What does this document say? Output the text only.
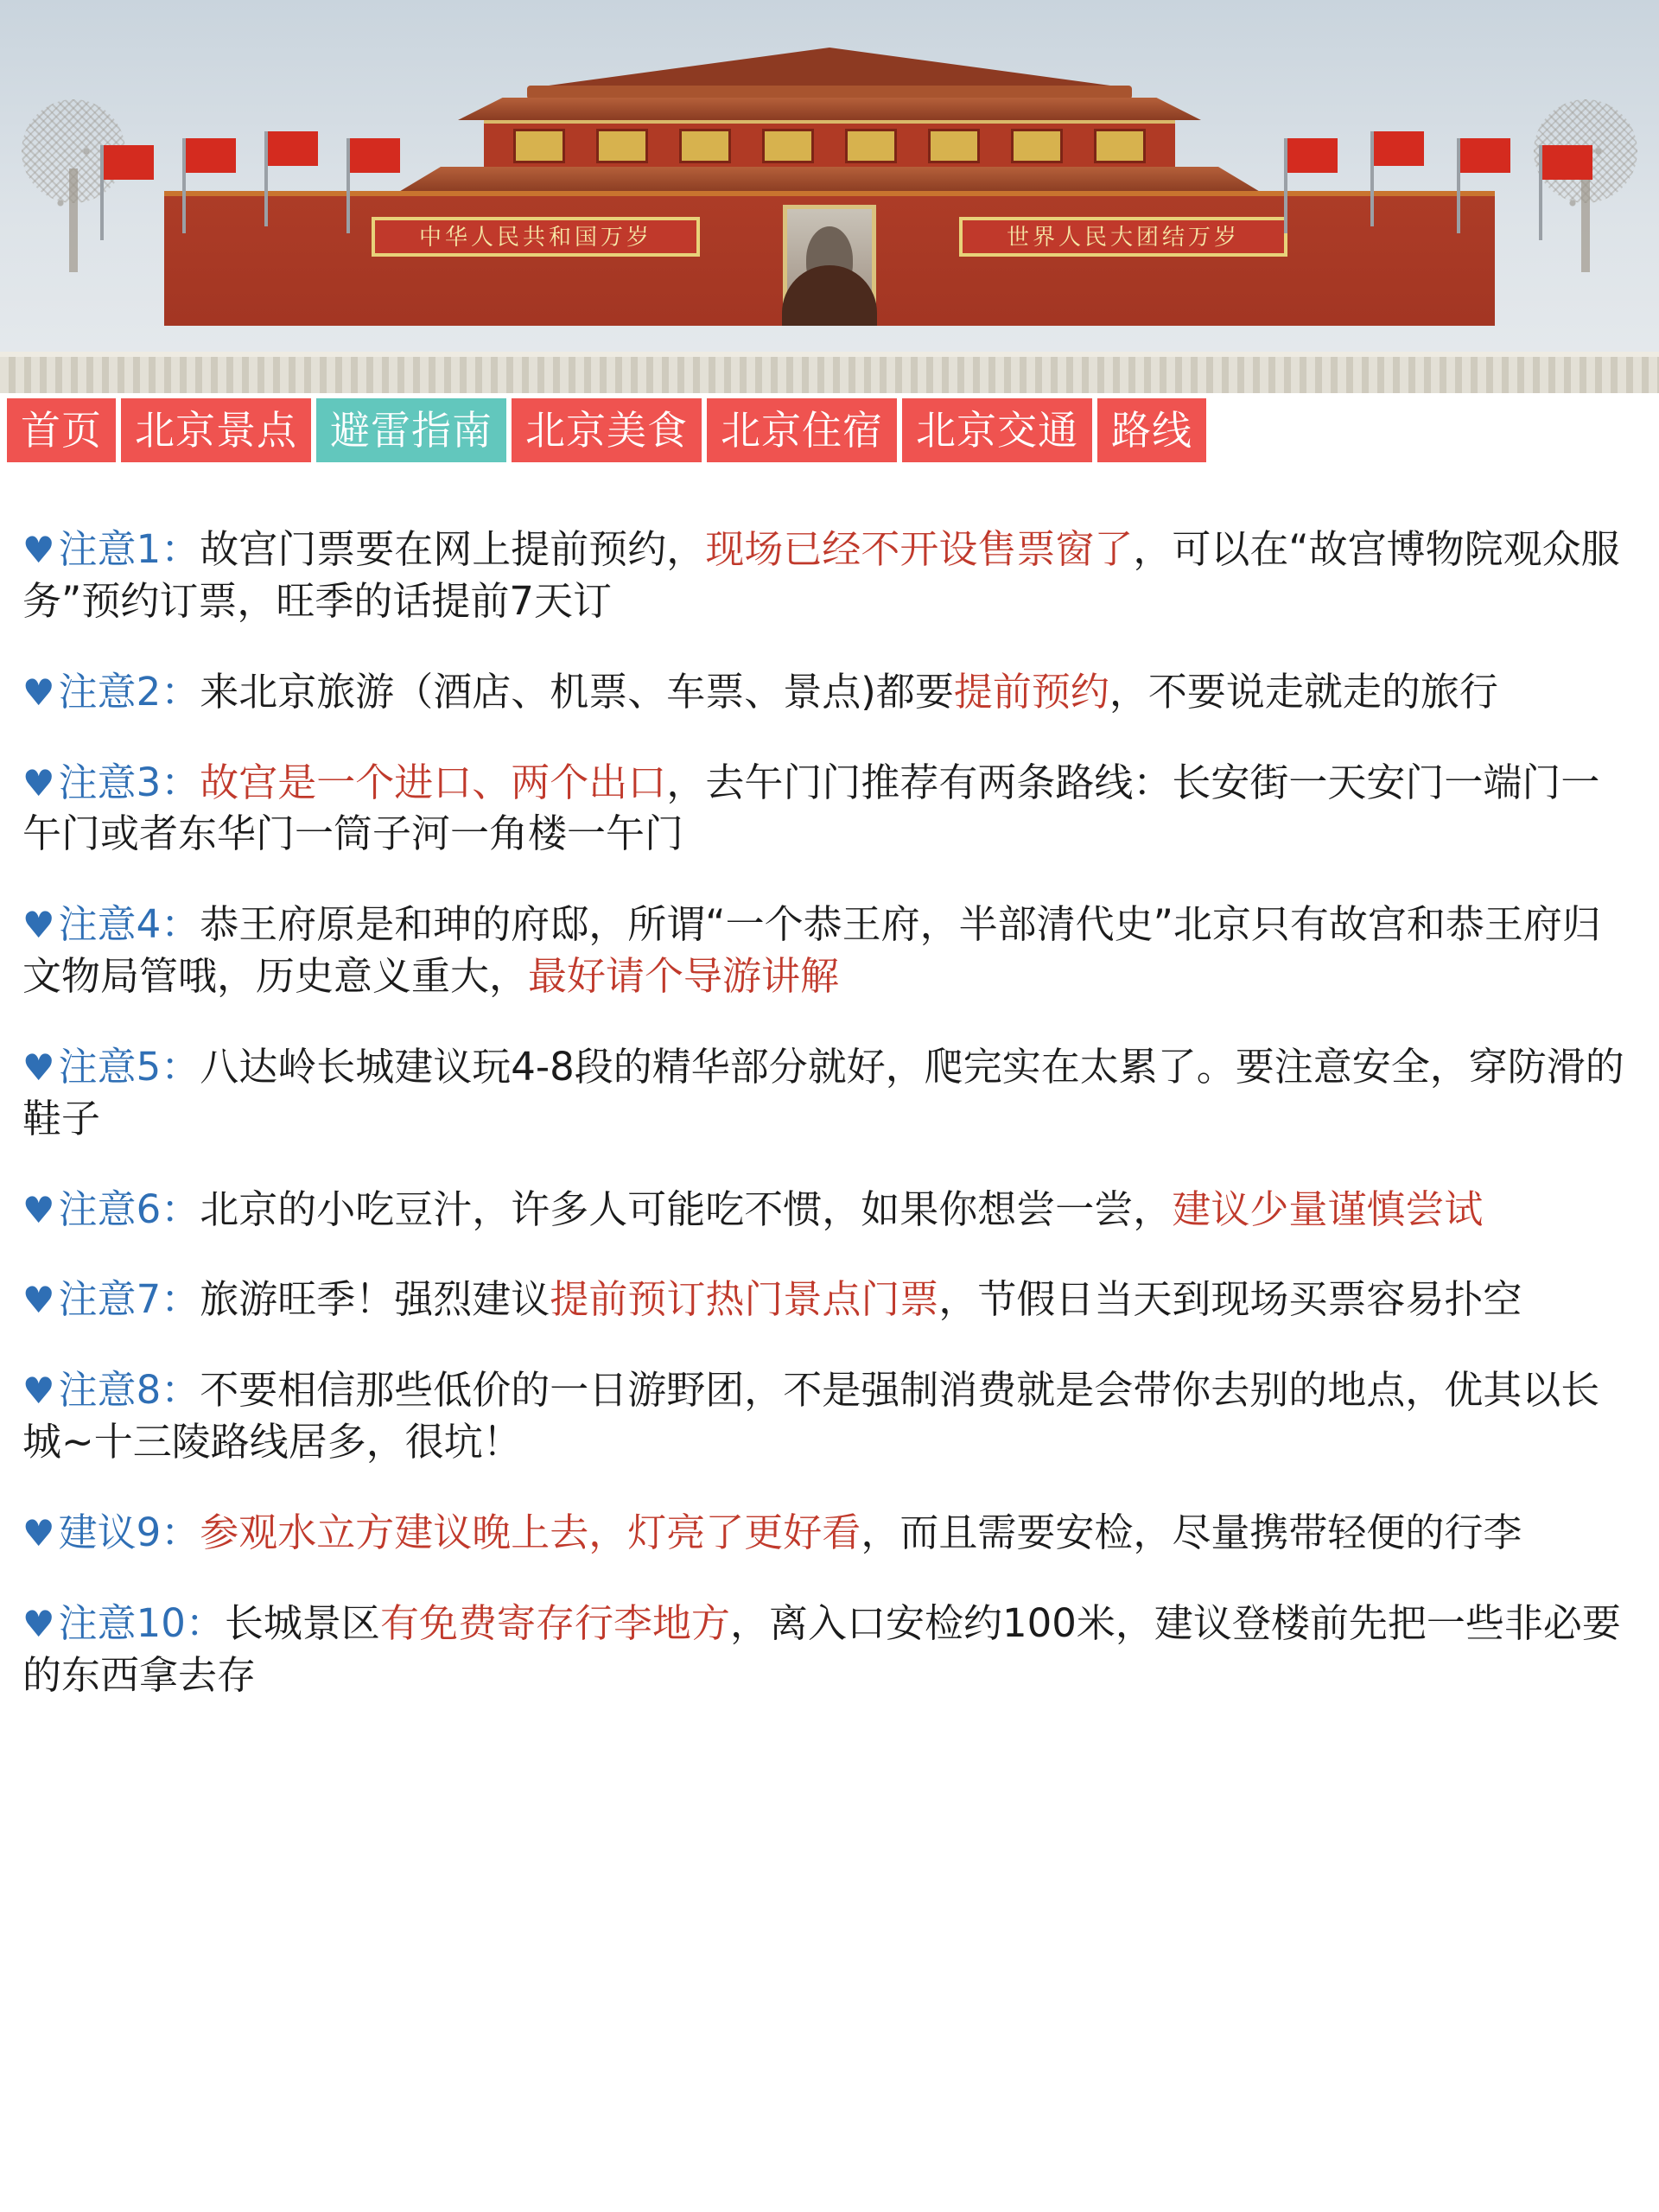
中华人民共和国万岁	世界人民大团结万岁
首页 北京景点 避雷指南 北京美食 北京住宿 北京交通 路线

♥注意1：故宫门票要在网上提前预约，现场已经不开设售票窗了，可以在“故宫博物院观众服务”预约订票，旺季的话提前7天订

♥注意2：来北京旅游（酒店、机票、车票、景点)都要提前预约，不要说走就走的旅行

♥注意3：故宫是一个进口、两个出口，去午门门推荐有两条路线：长安街一天安门一端门一午门或者东华门一筒子河一角楼一午门

♥注意4：恭王府原是和珅的府邸，所谓“一个恭王府，半部清代史”北京只有故宫和恭王府归文物局管哦，历史意义重大，最好请个导游讲解

♥注意5：八达岭长城建议玩4-8段的精华部分就好，爬完实在太累了。要注意安全，穿防滑的鞋子

♥注意6：北京的小吃豆汁，许多人可能吃不惯，如果你想尝一尝，建议少量谨慎尝试

♥注意7：旅游旺季！强烈建议提前预订热门景点门票，节假日当天到现场买票容易扑空

♥注意8：不要相信那些低价的一日游野团，不是强制消费就是会带你去别的地点，优其以长城~十三陵路线居多，很坑！

♥建议9：参观水立方建议晚上去，灯亮了更好看，而且需要安检，尽量携带轻便的行李

♥注意10：长城景区有免费寄存行李地方，离入口安检约100米，建议登楼前先把一些非必要的东西拿去存
